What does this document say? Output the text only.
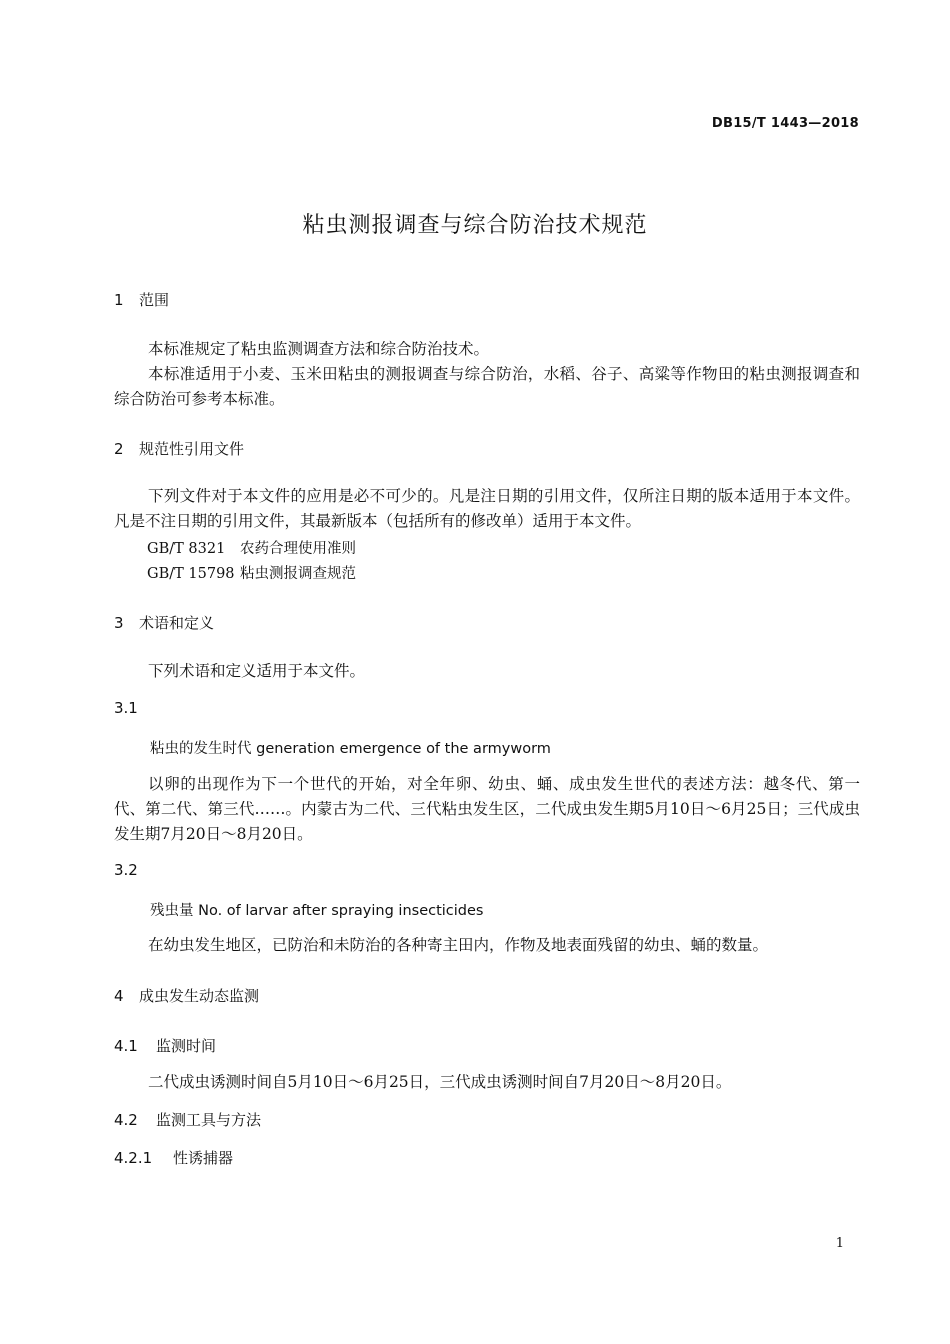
DB15/T 1443—2018
粘虫测报调查与综合防治技术规范
1 范围

本标准规定了粘虫监测调查方法和综合防治技术。

本标准适用于小麦、玉米田粘虫的测报调查与综合防治，水稻、谷子、高粱等作物田的粘虫测报调查和综合防治可参考本标准。

2 规范性引用文件

下列文件对于本文件的应用是必不可少的。凡是注日期的引用文件，仅所注日期的版本适用于本文件。凡是不注日期的引用文件，其最新版本（包括所有的修改单）适用于本文件。

GB/T 8321 农药合理使用准则
GB/T 15798 粘虫测报调查规范
3 术语和定义

下列术语和定义适用于本文件。

3.1
粘虫的发生时代 generation emergence of the armyworm

以卵的出现作为下一个世代的开始，对全年卵、幼虫、蛹、成虫发生世代的表述方法：越冬代、第一代、第二代、第三代……。内蒙古为二代、三代粘虫发生区，二代成虫发生期5月10日～6月25日；三代成虫发生期7月20日～8月20日。

3.2
残虫量 No. of larvar after spraying insecticides

在幼虫发生地区，已防治和未防治的各种寄主田内，作物及地表面残留的幼虫、蛹的数量。

4 成虫发生动态监测
4.1 监测时间

二代成虫诱测时间自5月10日～6月25日，三代成虫诱测时间自7月20日～8月20日。

4.2 监测工具与方法
4.2.1 性诱捕器
1
